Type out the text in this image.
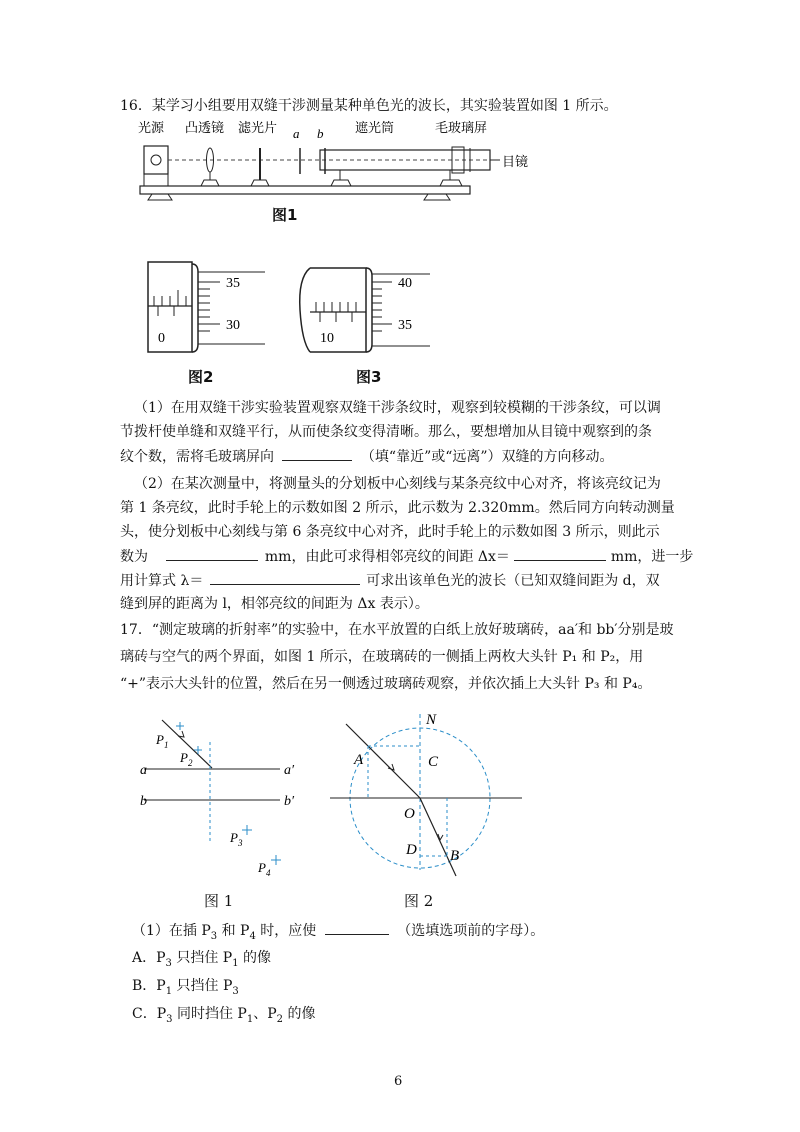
16．某学习小组要用双缝干涉测量某种单色光的波长，其实验装置如图 1 所示。
光源 凸透镜 滤光片 a b 遮光筒	毛玻璃屏
目镜
图1
35
30
0
图2
40
35
10
图3
（1）在用双缝干涉实验装置观察双缝干涉条纹时，观察到较模糊的干涉条纹，可以调
节拨杆使单缝和双缝平行，从而使条纹变得清晰。那么，要想增加从目镜中观察到的条
纹个数，需将毛玻璃屏向	（填“靠近”或“远离”）双缝的方向移动。
（2）在某次测量中，将测量头的分划板中心刻线与某条亮纹中心对齐，将该亮纹记为
第 1 条亮纹，此时手轮上的示数如图 2 所示，此示数为 2.320mm。然后同方向转动测量
头，使分划板中心刻线与第 6 条亮纹中心对齐，此时手轮上的示数如图 3 所示，则此示
数为	mm，由此可求得相邻亮纹的间距 Δx＝	mm，进一步
用计算式 λ＝	可求出该单色光的波长（已知双缝间距为 d，双
缝到屏的距离为 l，相邻亮纹的间距为 Δx 表示）。
17．“测定玻璃的折射率”的实验中，在水平放置的白纸上放好玻璃砖，aa′和 bb′分别是玻
璃砖与空气的两个界面，如图 1 所示，在玻璃砖的一侧插上两枚大头针 P₁ 和 P₂，用
“+”表示大头针的位置，然后在另一侧透过玻璃砖观察，并依次插上大头针 P₃ 和 P₄。
$P_1$
$P_2$
$P_3$
$P_4$
a	a′
b	b′
图 1
N
A	C
O
D B
图 2
（1）在插 $P_3$ 和 $P_4$ 时，应使	（选填选项前的字母）。
A．$P_3$ 只挡住 $P_1$ 的像
B．$P_1$ 只挡住 $P_3$
C．$P_3$ 同时挡住 $P_1$、$P_2$ 的像
6
